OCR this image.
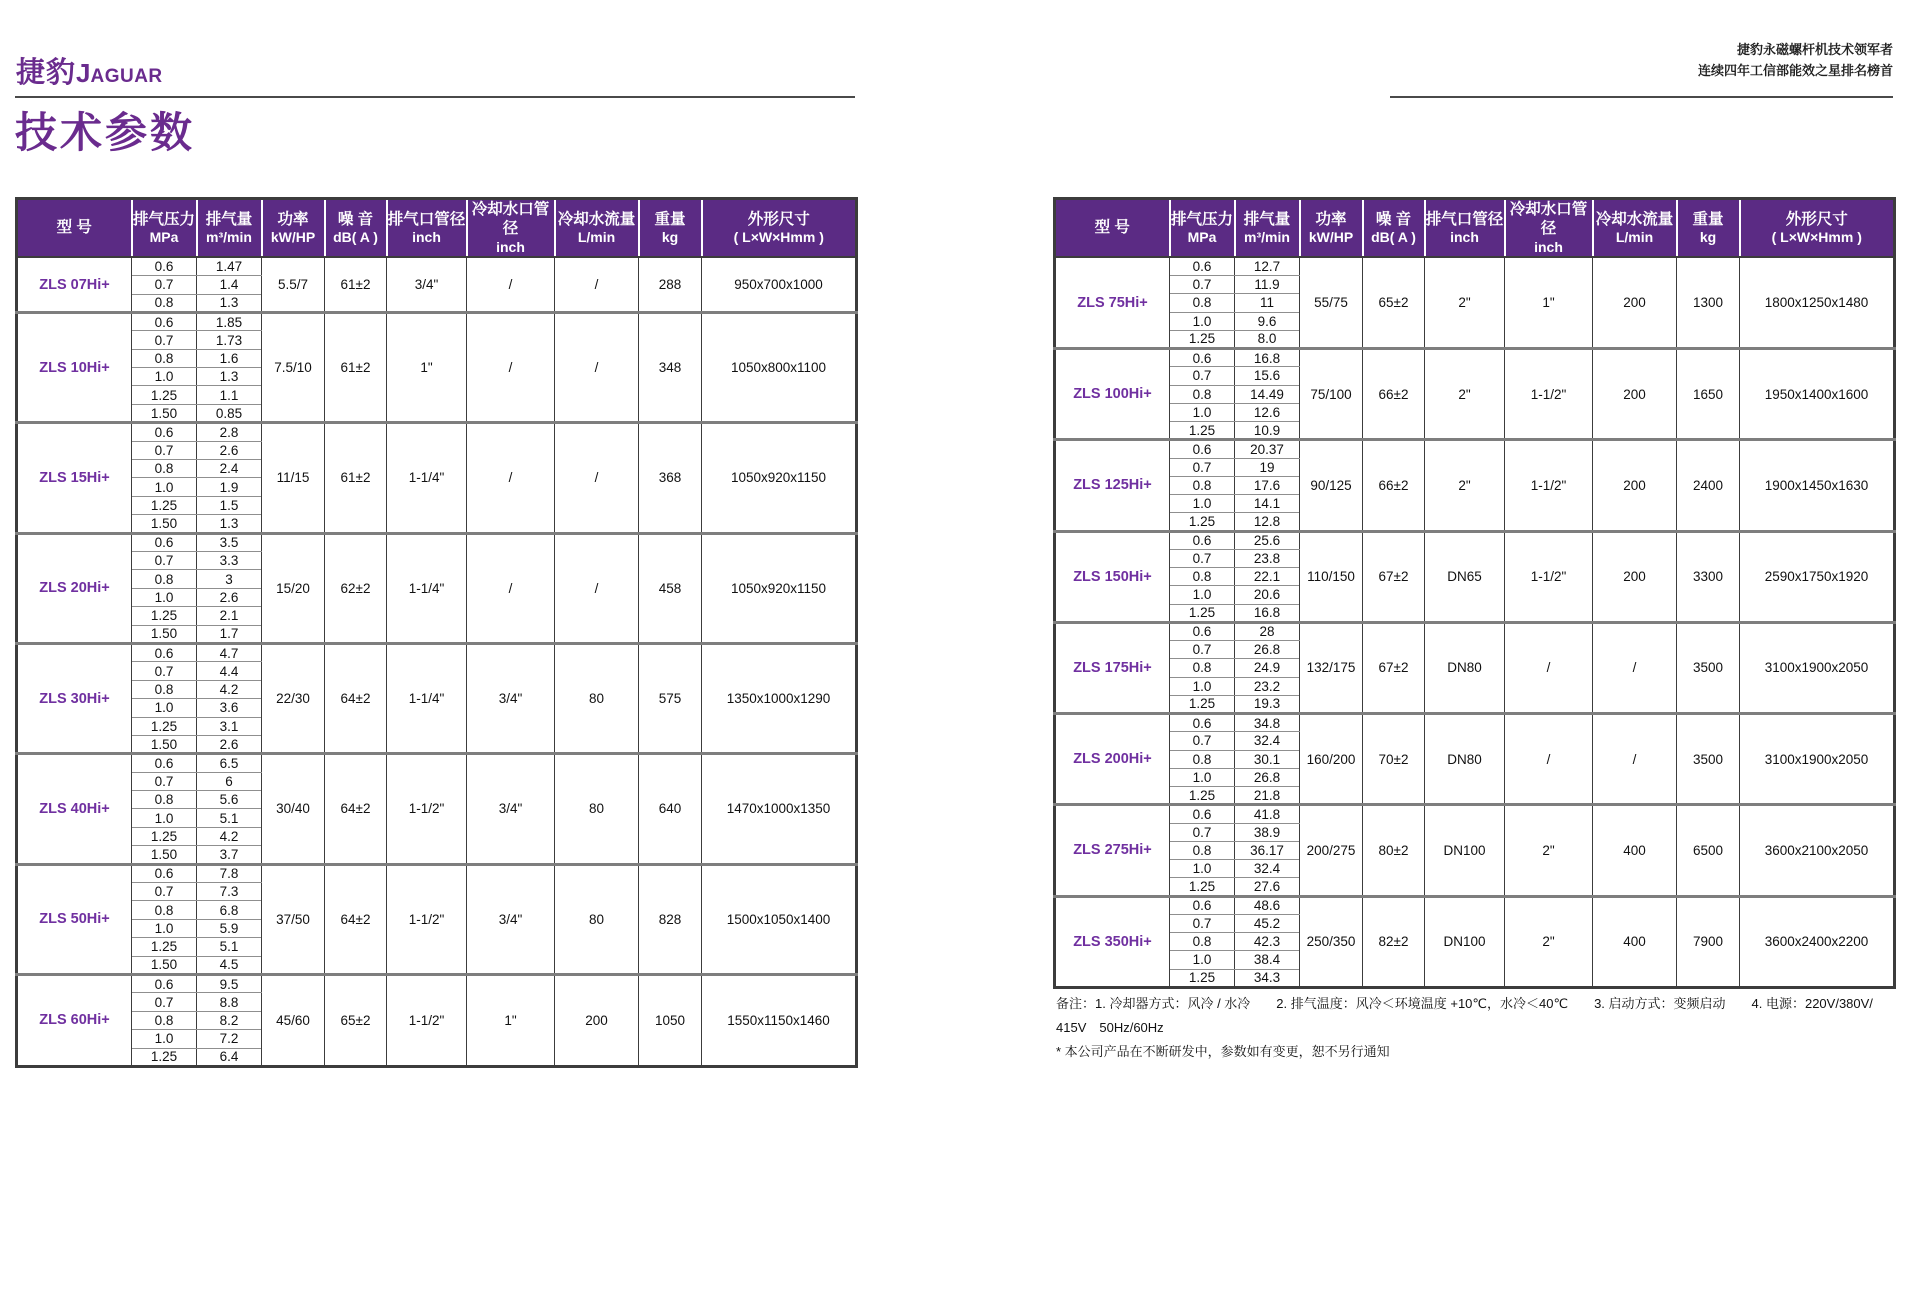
捷豹JAGUAR
捷豹永磁螺杆机技术领军者
连续四年工信部能效之星排名榜首
技术参数
型 号

排气压力
MPa

排气量
m³/min

功率
kW/HP

噪 音
dB( A )

排气口管径
inch

冷却水口管径
inch

冷却水流量
L/min

重量
kg

外形尺寸
( L×W×Hmm )

ZLS 07Hi+	0.6	1.47	5.5/7	61±2	3/4"	/	/	288	950x700x1000
	0.7	1.4							
	0.8	1.3							
ZLS 10Hi+	0.6	1.85	7.5/10	61±2	1"	/	/	348	1050x800x1100
	0.7	1.73							
	0.8	1.6							
	1.0	1.3							
	1.25	1.1							
	1.50	0.85							
ZLS 15Hi+	0.6	2.8	11/15	61±2	1-1/4"	/	/	368	1050x920x1150
	0.7	2.6							
	0.8	2.4							
	1.0	1.9							
	1.25	1.5							
	1.50	1.3							
ZLS 20Hi+	0.6	3.5	15/20	62±2	1-1/4"	/	/	458	1050x920x1150
	0.7	3.3							
	0.8	3							
	1.0	2.6							
	1.25	2.1							
	1.50	1.7							
ZLS 30Hi+	0.6	4.7	22/30	64±2	1-1/4"	3/4"	80	575	1350x1000x1290
	0.7	4.4							
	0.8	4.2							
	1.0	3.6							
	1.25	3.1							
	1.50	2.6							
ZLS 40Hi+	0.6	6.5	30/40	64±2	1-1/2"	3/4"	80	640	1470x1000x1350
	0.7	6							
	0.8	5.6							
	1.0	5.1							
	1.25	4.2							
	1.50	3.7							
ZLS 50Hi+	0.6	7.8	37/50	64±2	1-1/2"	3/4"	80	828	1500x1050x1400
	0.7	7.3							
	0.8	6.8							
	1.0	5.9							
	1.25	5.1							
	1.50	4.5							
ZLS 60Hi+	0.6	9.5	45/60	65±2	1-1/2"	1"	200	1050	1550x1150x1460
	0.7	8.8							
	0.8	8.2							
	1.0	7.2							
	1.25	6.4							
型 号

排气压力
MPa

排气量
m³/min

功率
kW/HP

噪 音
dB( A )

排气口管径
inch

冷却水口管径
inch

冷却水流量
L/min

重量
kg

外形尺寸
( L×W×Hmm )

ZLS 75Hi+	0.6	12.7	55/75	65±2	2"	1"	200	1300	1800x1250x1480
	0.7	11.9							
	0.8	11							
	1.0	9.6							
	1.25	8.0							
ZLS 100Hi+	0.6	16.8	75/100	66±2	2"	1-1/2"	200	1650	1950x1400x1600
	0.7	15.6							
	0.8	14.49							
	1.0	12.6							
	1.25	10.9							
ZLS 125Hi+	0.6	20.37	90/125	66±2	2"	1-1/2"	200	2400	1900x1450x1630
	0.7	19							
	0.8	17.6							
	1.0	14.1							
	1.25	12.8							
ZLS 150Hi+	0.6	25.6	110/150	67±2	DN65	1-1/2"	200	3300	2590x1750x1920
	0.7	23.8							
	0.8	22.1							
	1.0	20.6							
	1.25	16.8							
ZLS 175Hi+	0.6	28	132/175	67±2	DN80	/	/	3500	3100x1900x2050
	0.7	26.8							
	0.8	24.9							
	1.0	23.2							
	1.25	19.3							
ZLS 200Hi+	0.6	34.8	160/200	70±2	DN80	/	/	3500	3100x1900x2050
	0.7	32.4							
	0.8	30.1							
	1.0	26.8							
	1.25	21.8							
ZLS 275Hi+	0.6	41.8	200/275	80±2	DN100	2"	400	6500	3600x2100x2050
	0.7	38.9							
	0.8	36.17							
	1.0	32.4							
	1.25	27.6							
ZLS 350Hi+	0.6	48.6	250/350	82±2	DN100	2"	400	7900	3600x2400x2200
	0.7	45.2							
	0.8	42.3							
	1.0	38.4							
	1.25	34.3							
备注：1. 冷却器方式：风冷 / 水冷　　2. 排气温度：风冷＜环境温度 +10℃，水冷＜40℃　　3. 启动方式：变频启动　　4. 电源：220V/380V/ 415V　50Hz/60Hz
* 本公司产品在不断研发中，参数如有变更，恕不另行通知
